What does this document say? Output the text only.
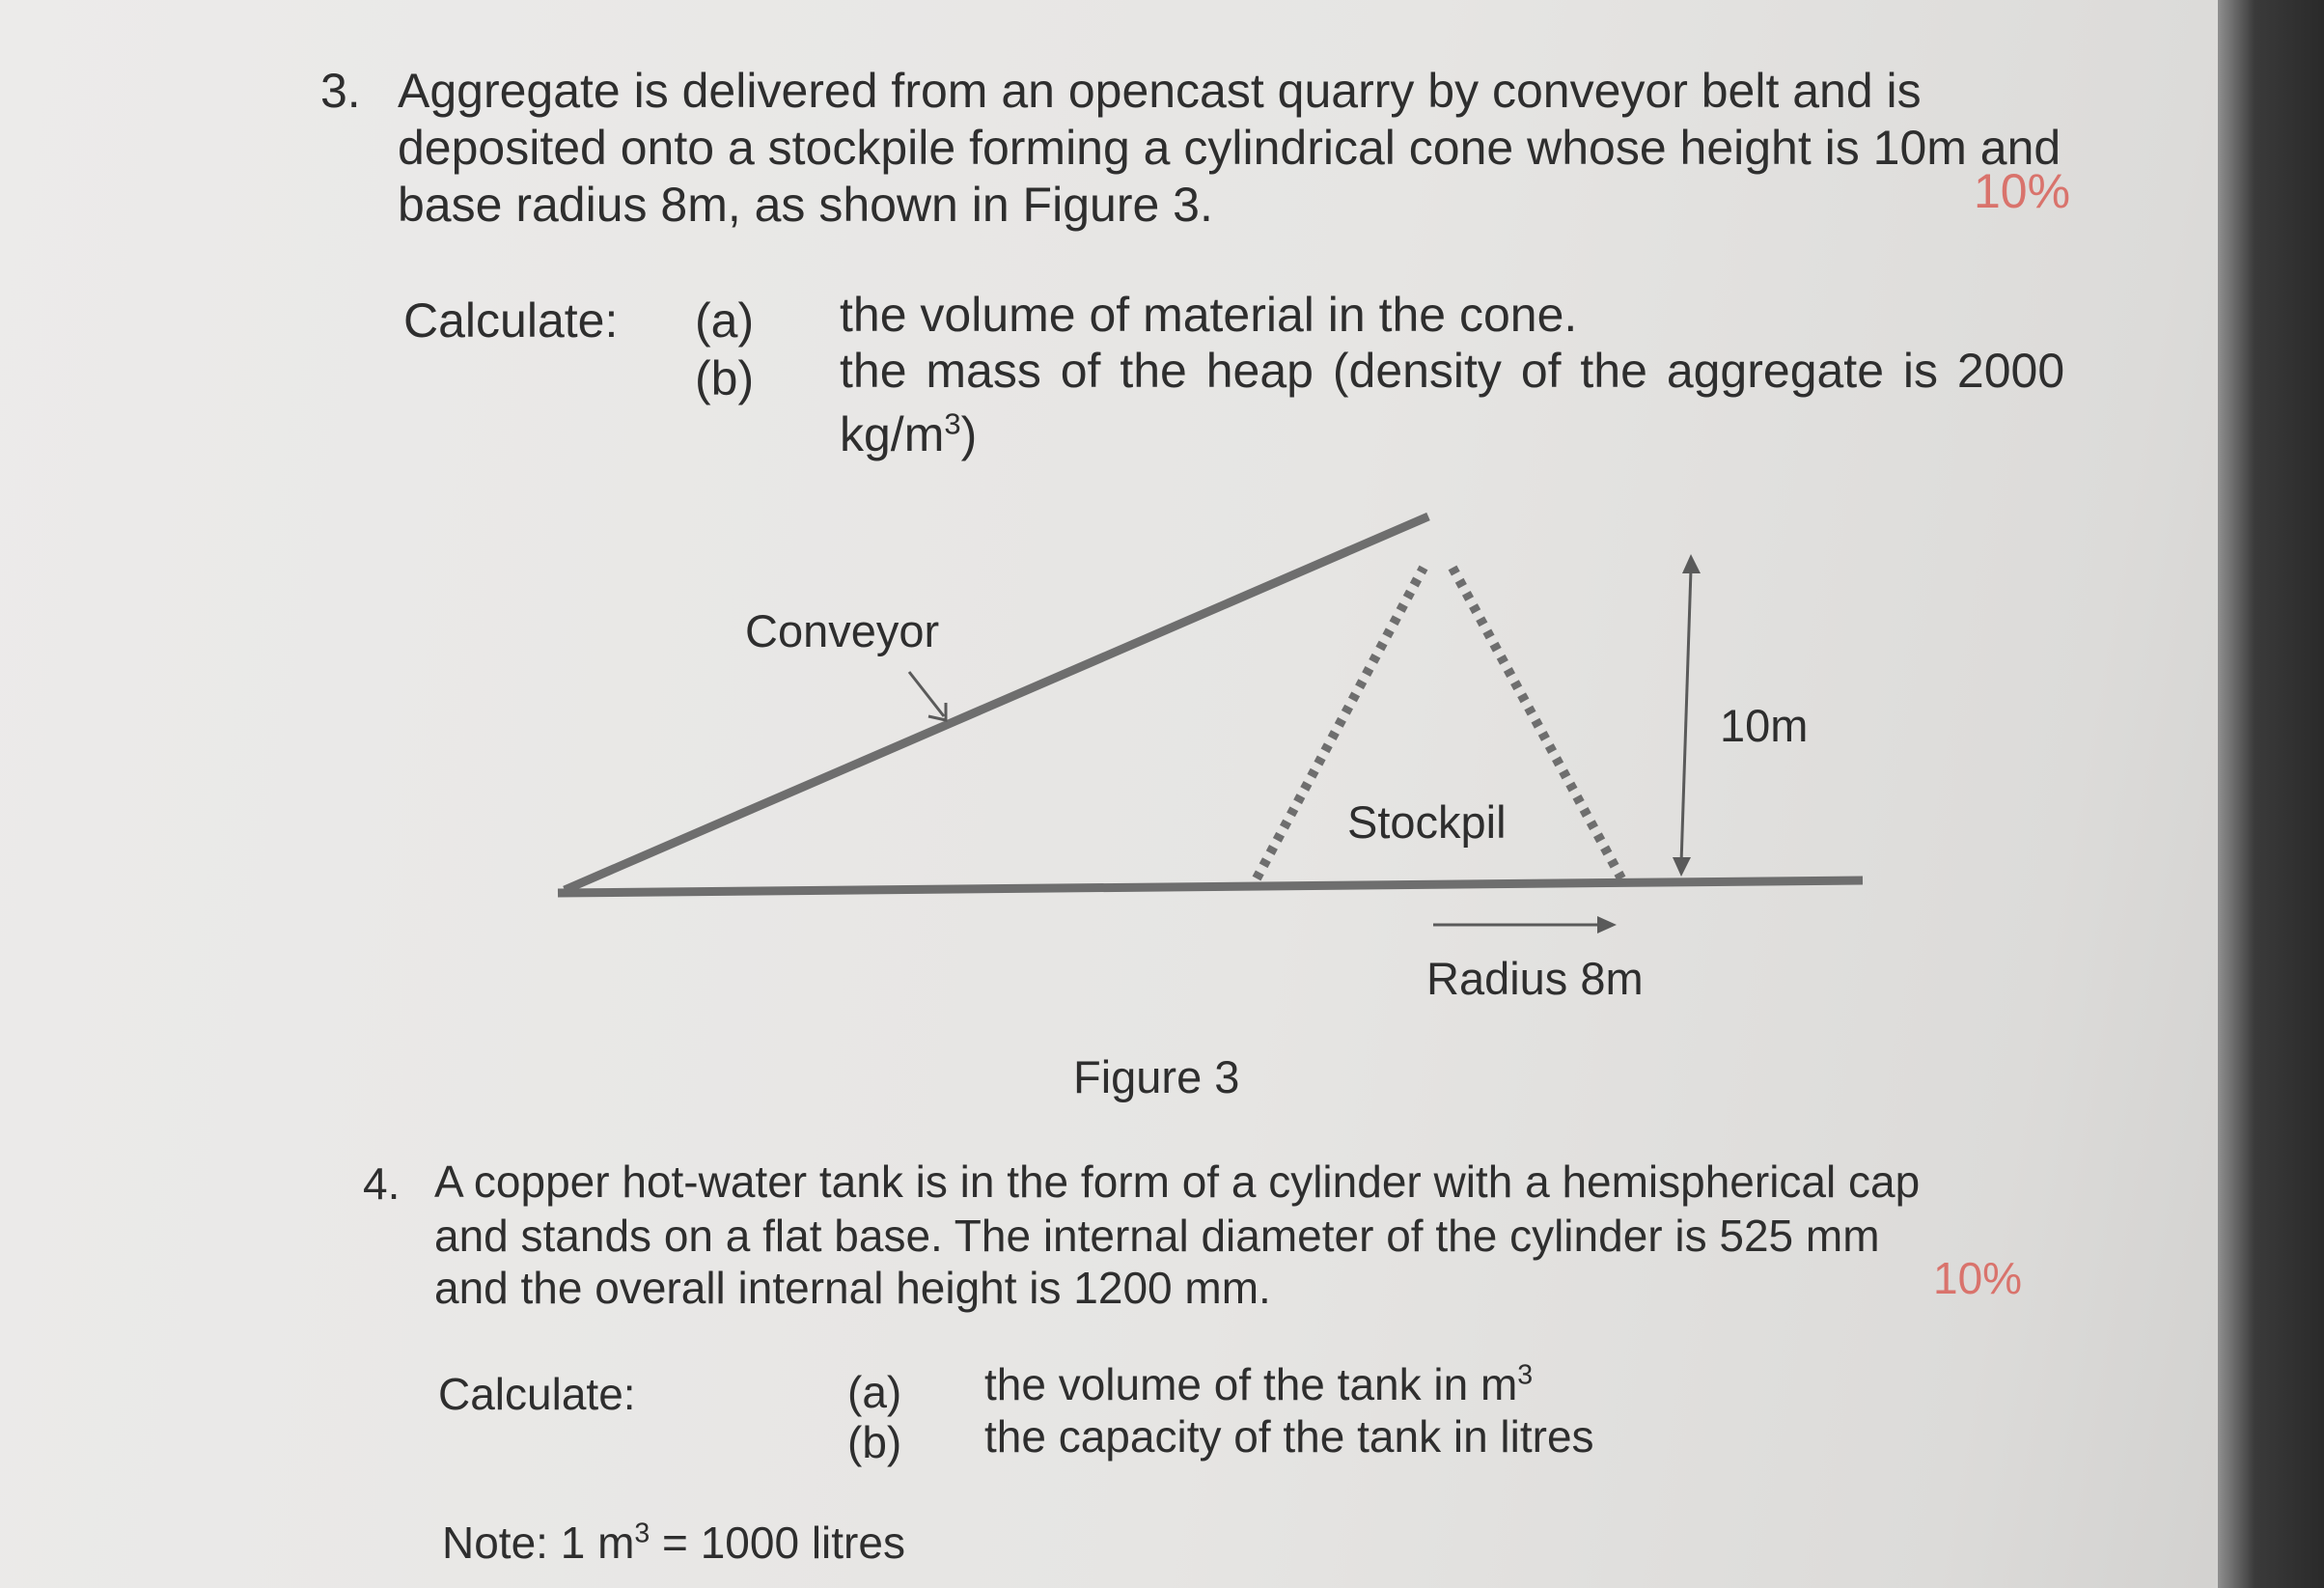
3. Aggregate is delivered from an opencast quarry by conveyor belt and is
deposited onto a stockpile forming a cylindrical cone whose height is 10m and
base radius 8m, as shown in Figure 3.	10%
Calculate: (a) the volume of material in the cone.
(b) the mass of the heap (density of the aggregate is 2000
$kg/m^3$)
Conveyor
Stockpil
10m
Radius 8m
Figure 3
4. A copper hot-water tank is in the form of a cylinder with a hemispherical cap
and stands on a flat base. The internal diameter of the cylinder is 525 mm
and the overall internal height is 1200 mm.	10%
Calculate:	(a) the volume of the tank in $m^3$
(b) the capacity of the tank in litres
Note: 1 $m^3 = 1000$ litres
